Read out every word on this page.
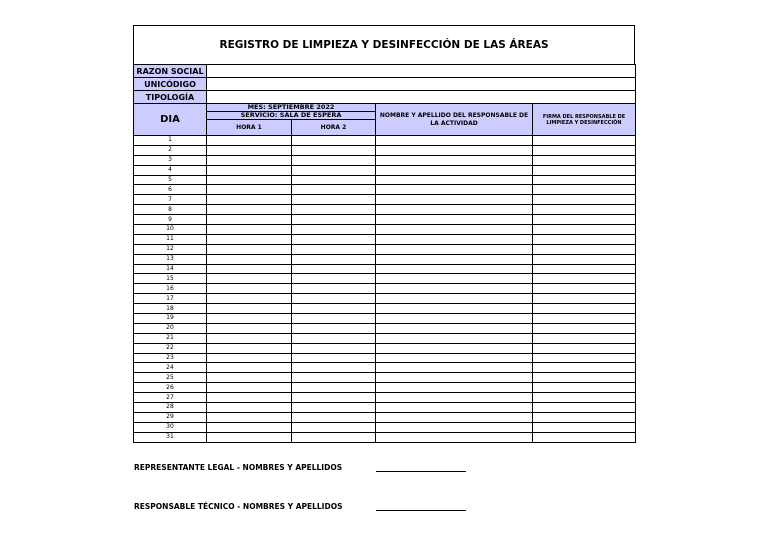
REGISTRO DE LIMPIEZA Y DESINFECCIÓN DE LAS ÁREAS
RAZON SOCIAL				
UNICÓDIGO				
TIPOLOGÍA				
DIA	MES: SEPTIEMBRE 2022		NOMBRE Y APELLIDO DEL RESPONSABLE DE LA ACTIVIDAD	FIRMA DEL RESPONSABLE DE LIMPIEZA Y DESINFECCIÓN
	SERVICIO: SALA DE ESPERA			
	HORA 1	HORA 2		
1				
2				
3				
4				
5				
6				
7				
8				
9				
10				
11				
12				
13				
14				
15				
16				
17				
18				
19				
20				
21				
22				
23				
24				
25				
26				
27				
28				
29				
30				
31				
REPRESENTANTE LEGAL - NOMBRES Y APELLIDOS
RESPONSABLE TÉCNICO - NOMBRES Y APELLIDOS
